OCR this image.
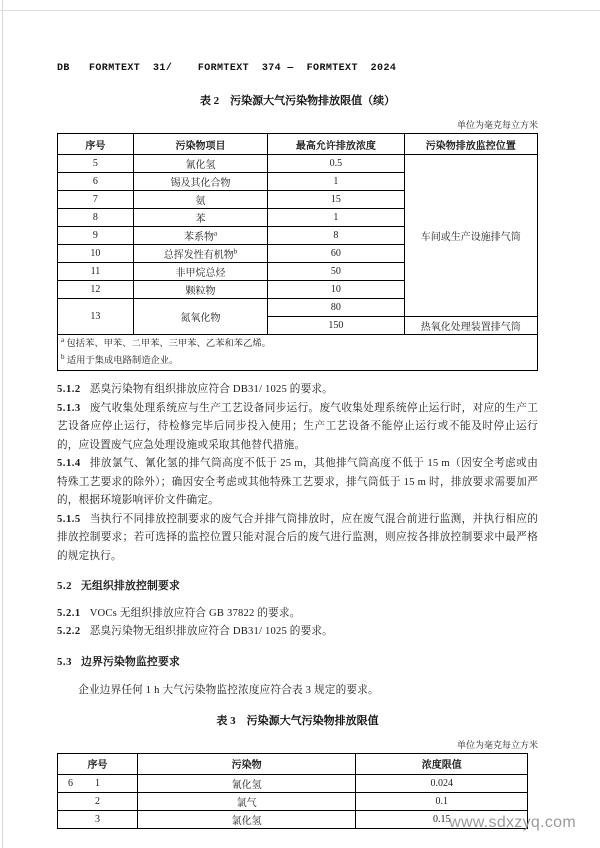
DB   FORMTEXT  31/    FORMTEXT  374 —  FORMTEXT  2024
表 2　污染源大气污染物排放限值（续）
单位为毫克每立方米
序号	污染物项目	最高允许排放浓度	污染物排放监控位置
5	氰化氢	0.5	车间或生产设施排气筒
6	锡及其化合物	1	
7	氨	15	
8	苯	1	
9	苯系物$^a$	8	
10	总挥发性有机物$^b$	60	
11	非甲烷总烃	50	
12	颗粒物	10	
13	氮氧化物	80	
		150	热氧化处理装置排气筒

$^a$ 包括苯、甲苯、二甲苯、三甲苯、乙苯和苯乙烯。
$^b$ 适用于集成电路制造企业。			

5.1.2 恶臭污染物有组织排放应符合 DB31/ 1025 的要求。

5.1.3 废气收集处理系统应与生产工艺设备同步运行。废气收集处理系统停止运行时，对应的生产工艺设备应停止运行，待检修完毕后同步投入使用；生产工艺设备不能停止运行或不能及时停止运行的，应设置废气应急处理设施或采取其他替代措施。

5.1.4 排放氯气、氰化氢的排气筒高度不低于 25 m，其他排气筒高度不低于 15 m（因安全考虑或由特殊工艺要求的除外）；确因安全考虑或其他特殊工艺要求，排气筒低于 15 m 时，排放要求需要加严的，根据环境影响评价文件确定。

5.1.5 当执行不同排放控制要求的废气合并排气筒排放时，应在废气混合前进行监测，并执行相应的排放控制要求；若可选择的监控位置只能对混合后的废气进行监测，则应按各排放控制要求中最严格的规定执行。

5.2 无组织排放控制要求

5.2.1 VOCs 无组织排放应符合 GB 37822 的要求。

5.2.2 恶臭污染物无组织排放应符合 DB31/ 1025 的要求。

5.3 边界污染物监控要求

企业边界任何 1 h 大气污染物监控浓度应符合表 3 规定的要求。

表 3　污染源大气污染物排放限值
单位为毫克每立方米
序号	污染物	浓度限值
1	氰化氢	0.024
2	氯气	0.1
3	氯化氢	0.15
6
www.sdxzyq.com
